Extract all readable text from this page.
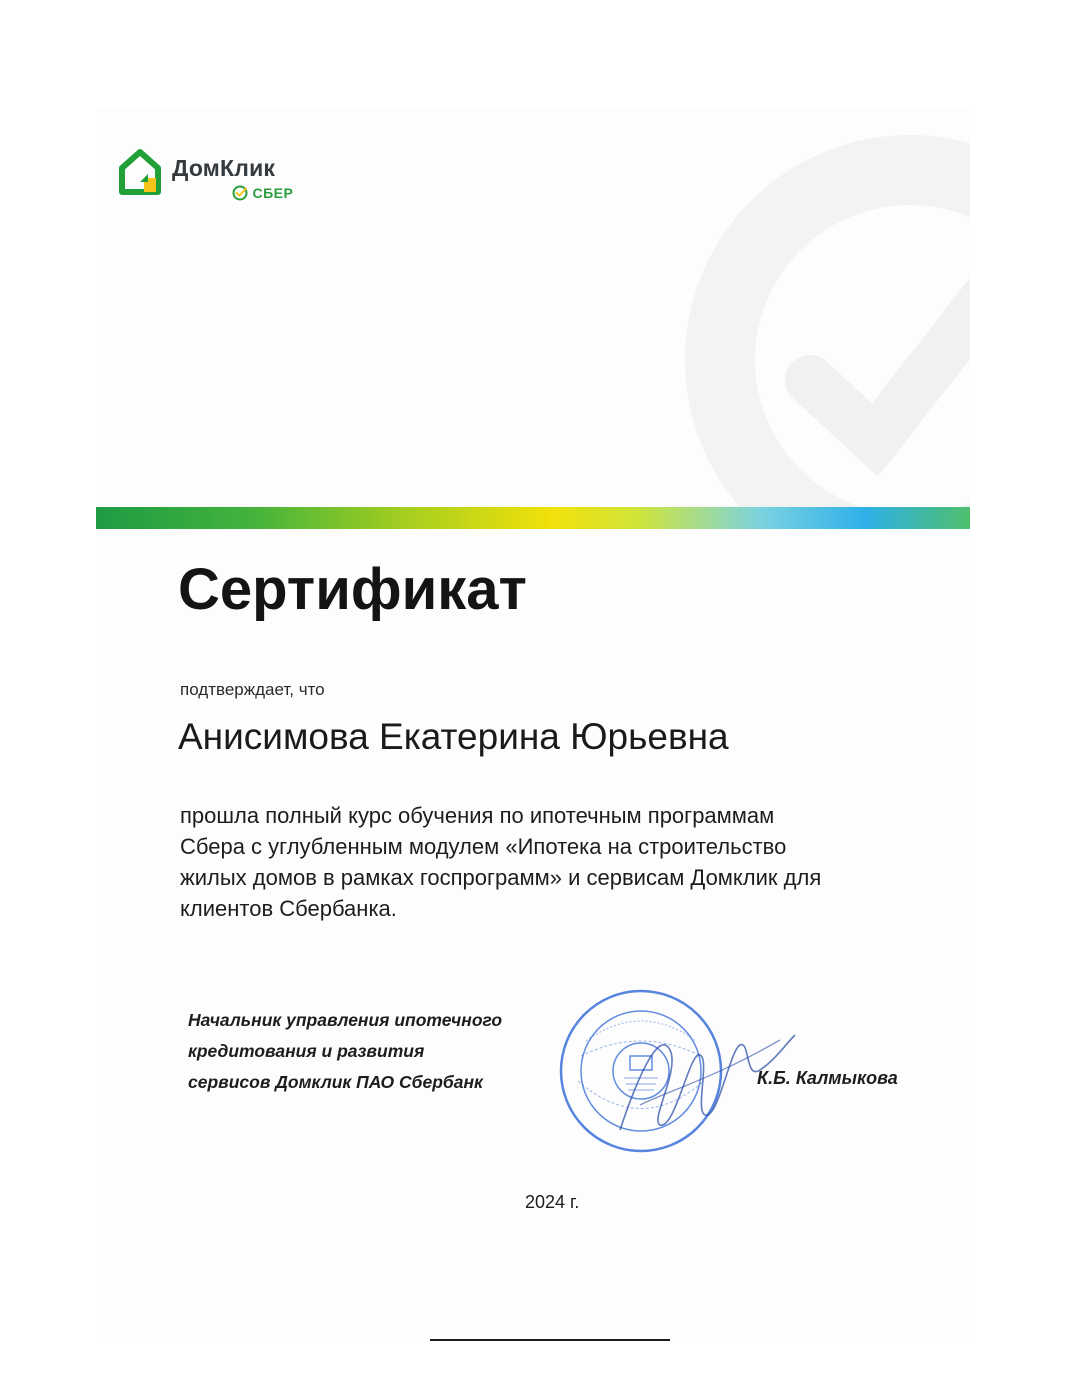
ДомКлик
СБЕР
Сертификат
подтверждает, что
Анисимова Екатерина Юрьевна
прошла полный курс обучения по ипотечным программам
Сбера с углубленным модулем «Ипотека на строительство
жилых домов в рамках госпрограмм» и сервисам Домклик для
клиентов Сбербанка.
Начальник управления ипотечного
кредитования и развития
сервисов Домклик ПАО Сбербанк	К.Б. Калмыкова
2024 г.
